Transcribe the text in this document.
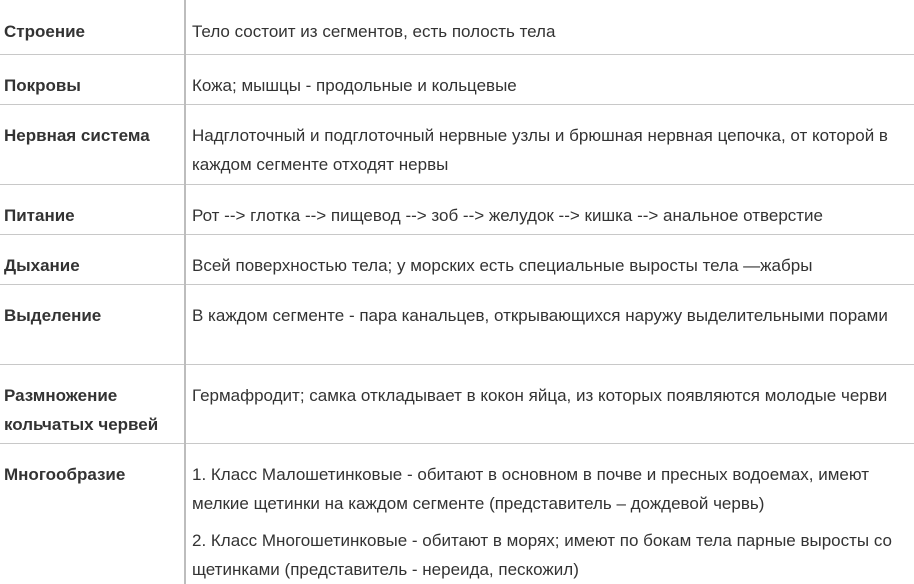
Строение	Тело состоит из сегментов, есть полость тела
Покровы	Кожа; мышцы - продольные и кольцевые
Нервная система	Надглоточный и подглоточный нервные узлы и брюшная нервная цепочка, от которой в каждом сегменте отходят нервы
Питание	Рот --> глотка --> пищевод --> зоб --> желудок --> кишка --> анальное отверстие
Дыхание	Всей поверхностью тела; у морских есть специальные выросты тела —жабры
Выделение	В каждом сегменте - пара канальцев, открывающихся наружу выделительными порами
Размножение кольчатых червей	Гермафродит; самка откладывает в кокон яйца, из которых появляются молодые черви
Многообразие	1. Класс Малошетинковые - обитают в основном в почве и пресных водоемах, имеют мелкие щетинки на каждом сегменте (представитель – дождевой червь)

2. Класс Многошетинковые - обитают в морях; имеют по бокам тела парные выросты со щетинками (представитель - нереида, пескожил)
